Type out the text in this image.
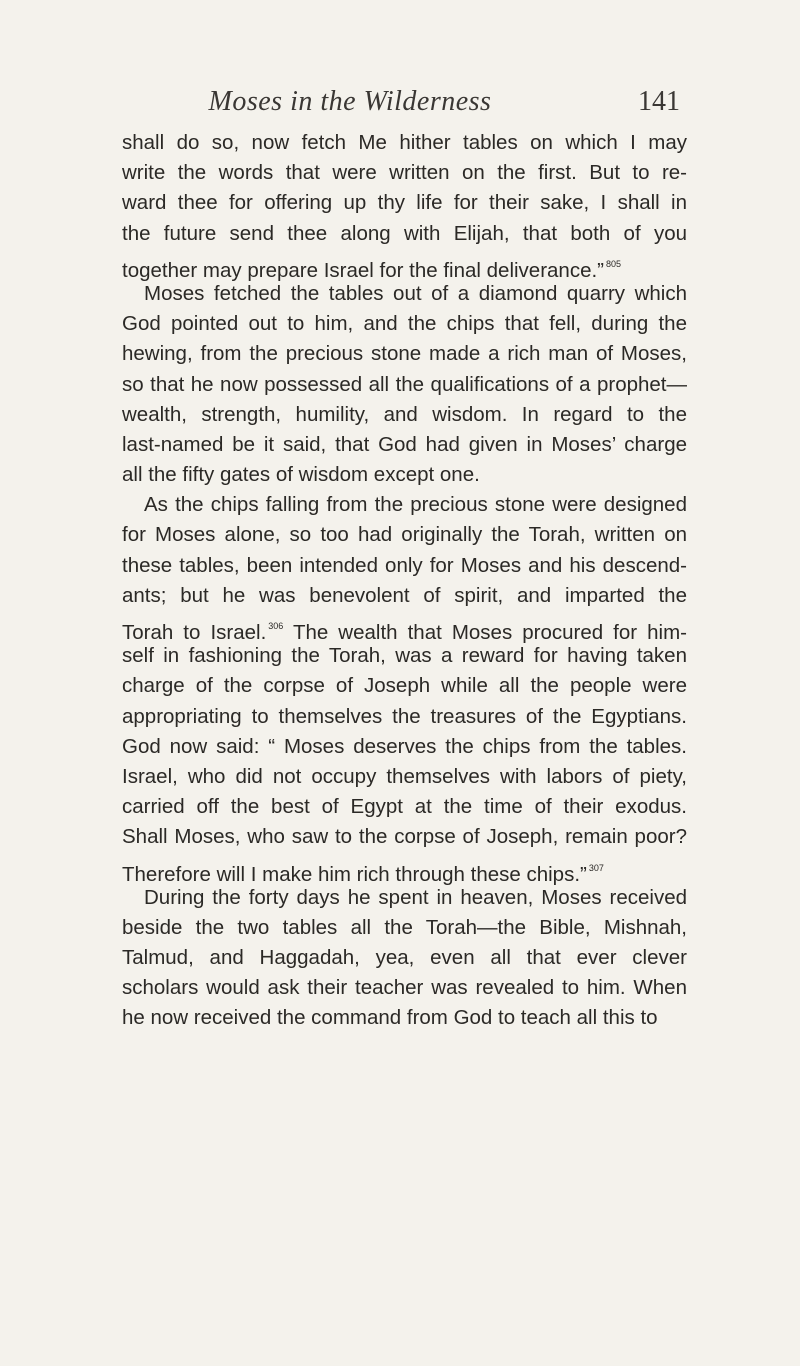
Moses in the Wilderness	141
shall do so, now fetch Me hither tables on which I may
write the words that were written on the first. But to re-
ward thee for offering up thy life for their sake, I shall in
the future send thee along with Elijah, that both of you
together may prepare Israel for the final deliverance.” $^{805}$
Moses fetched the tables out of a diamond quarry which
God pointed out to him, and the chips that fell, during the
hewing, from the precious stone made a rich man of Moses,
so that he now possessed all the qualifications of a prophet—
wealth, strength, humility, and wisdom. In regard to the
last-named be it said, that God had given in Moses’ charge
all the fifty gates of wisdom except one.
As the chips falling from the precious stone were designed
for Moses alone, so too had originally the Torah, written on
these tables, been intended only for Moses and his descend-
ants; but he was benevolent of spirit, and imparted the
Torah to Israel. $^{306}$ The wealth that Moses procured for him-
self in fashioning the Torah, was a reward for having taken
charge of the corpse of Joseph while all the people were
appropriating to themselves the treasures of the Egyptians.
God now said: “ Moses deserves the chips from the tables.
Israel, who did not occupy themselves with labors of piety,
carried off the best of Egypt at the time of their exodus.
Shall Moses, who saw to the corpse of Joseph, remain poor?
Therefore will I make him rich through these chips.” $^{307}$
During the forty days he spent in heaven, Moses received
beside the two tables all the Torah—the Bible, Mishnah,
Talmud, and Haggadah, yea, even all that ever clever
scholars would ask their teacher was revealed to him. When
he now received the command from God to teach all this to
